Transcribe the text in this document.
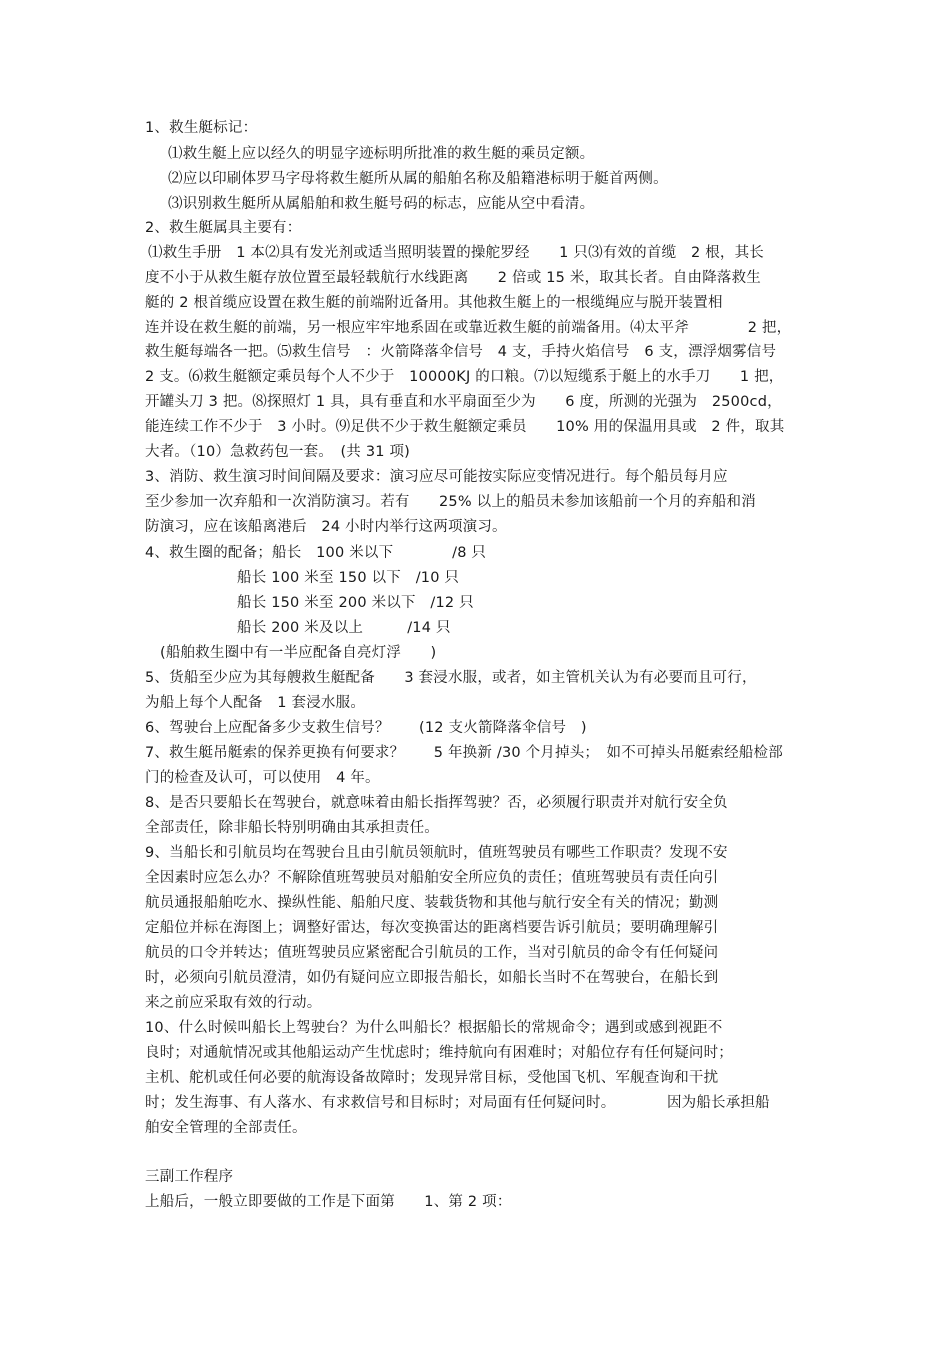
1、救生艇标记：
⑴救生艇上应以经久的明显字迹标明所批准的救生艇的乘员定额。
⑵应以印刷体罗马字母将救生艇所从属的船舶名称及船籍港标明于艇首两侧。
⑶识别救生艇所从属船舶和救生艇号码的标志，应能从空中看清。
2、救生艇属具主要有：
⑴救生手册　1 本⑵具有发光剂或适当照明装置的操舵罗经　　1 只⑶有效的首缆　2 根，其长
度不小于从救生艇存放位置至最轻载航行水线距离　　2 倍或 15 米，取其长者。自由降落救生
艇的 2 根首缆应设置在救生艇的前端附近备用。其他救生艇上的一根缆绳应与脱开装置相
连并设在救生艇的前端，另一根应牢牢地系固在或靠近救生艇的前端备用。⑷太平斧　　　　2 把，
救生艇每端各一把。⑸救生信号　：火箭降落伞信号　4 支，手持火焰信号　6 支，漂浮烟雾信号
2 支。⑹救生艇额定乘员每个人不少于　10000KJ 的口粮。⑺以短缆系于艇上的水手刀　　1 把，
开罐头刀 3 把。⑻探照灯 1 具，具有垂直和水平扇面至少为　　6 度，所测的光强为　2500cd，
能连续工作不少于　3 小时。⑼足供不少于救生艇额定乘员　　10% 用的保温用具或　2 件，取其
大者。（10）急救药包一套。　(共 31 项)
3、消防、救生演习时间间隔及要求：演习应尽可能按实际应变情况进行。每个船员每月应
至少参加一次弃船和一次消防演习。若有　　25% 以上的船员未参加该船前一个月的弃船和消
防演习，应在该船离港后　24 小时内举行这两项演习。
4、救生圈的配备；船长　100 米以下　　　　/8 只
船长 100 米至 150 以下　/10 只
船长 150 米至 200 米以下　/12 只
船长 200 米及以上　　　/14 只
(船舶救生圈中有一半应配备自亮灯浮　　)
5、货船至少应为其每艘救生艇配备　　3 套浸水服，或者，如主管机关认为有必要而且可行，
为船上每个人配备　1 套浸水服。
6、驾驶台上应配备多少支救生信号？　　(12 支火箭降落伞信号　)
7、救生艇吊艇索的保养更换有何要求？　　5 年换新 /30 个月掉头；　如不可掉头吊艇索经船检部
门的检查及认可，可以使用　4 年。
8、是否只要船长在驾驶台，就意味着由船长指挥驾驶？否，必须履行职责并对航行安全负
全部责任，除非船长特别明确由其承担责任。
9、当船长和引航员均在驾驶台且由引航员领航时，值班驾驶员有哪些工作职责？发现不安
全因素时应怎么办？不解除值班驾驶员对船舶安全所应负的责任；值班驾驶员有责任向引
航员通报船舶吃水、操纵性能、船舶尺度、装载货物和其他与航行安全有关的情况；勤测
定船位并标在海图上；调整好雷达，每次变换雷达的距离档要告诉引航员；要明确理解引
航员的口令并转达；值班驾驶员应紧密配合引航员的工作，当对引航员的命令有任何疑问
时，必须向引航员澄清，如仍有疑问应立即报告船长，如船长当时不在驾驶台，在船长到
来之前应采取有效的行动。
10、什么时候叫船长上驾驶台？为什么叫船长？根据船长的常规命令；遇到或感到视距不
良时；对通航情况或其他船运动产生忧虑时；维持航向有困难时；对船位存有任何疑问时；
主机、舵机或任何必要的航海设备故障时；发现异常目标，受他国飞机、军舰查询和干扰
时；发生海事、有人落水、有求救信号和目标时；对局面有任何疑问时。　　　　因为船长承担船
舶安全管理的全部责任。
三副工作程序
上船后，一般立即要做的工作是下面第　　1、第 2 项：
